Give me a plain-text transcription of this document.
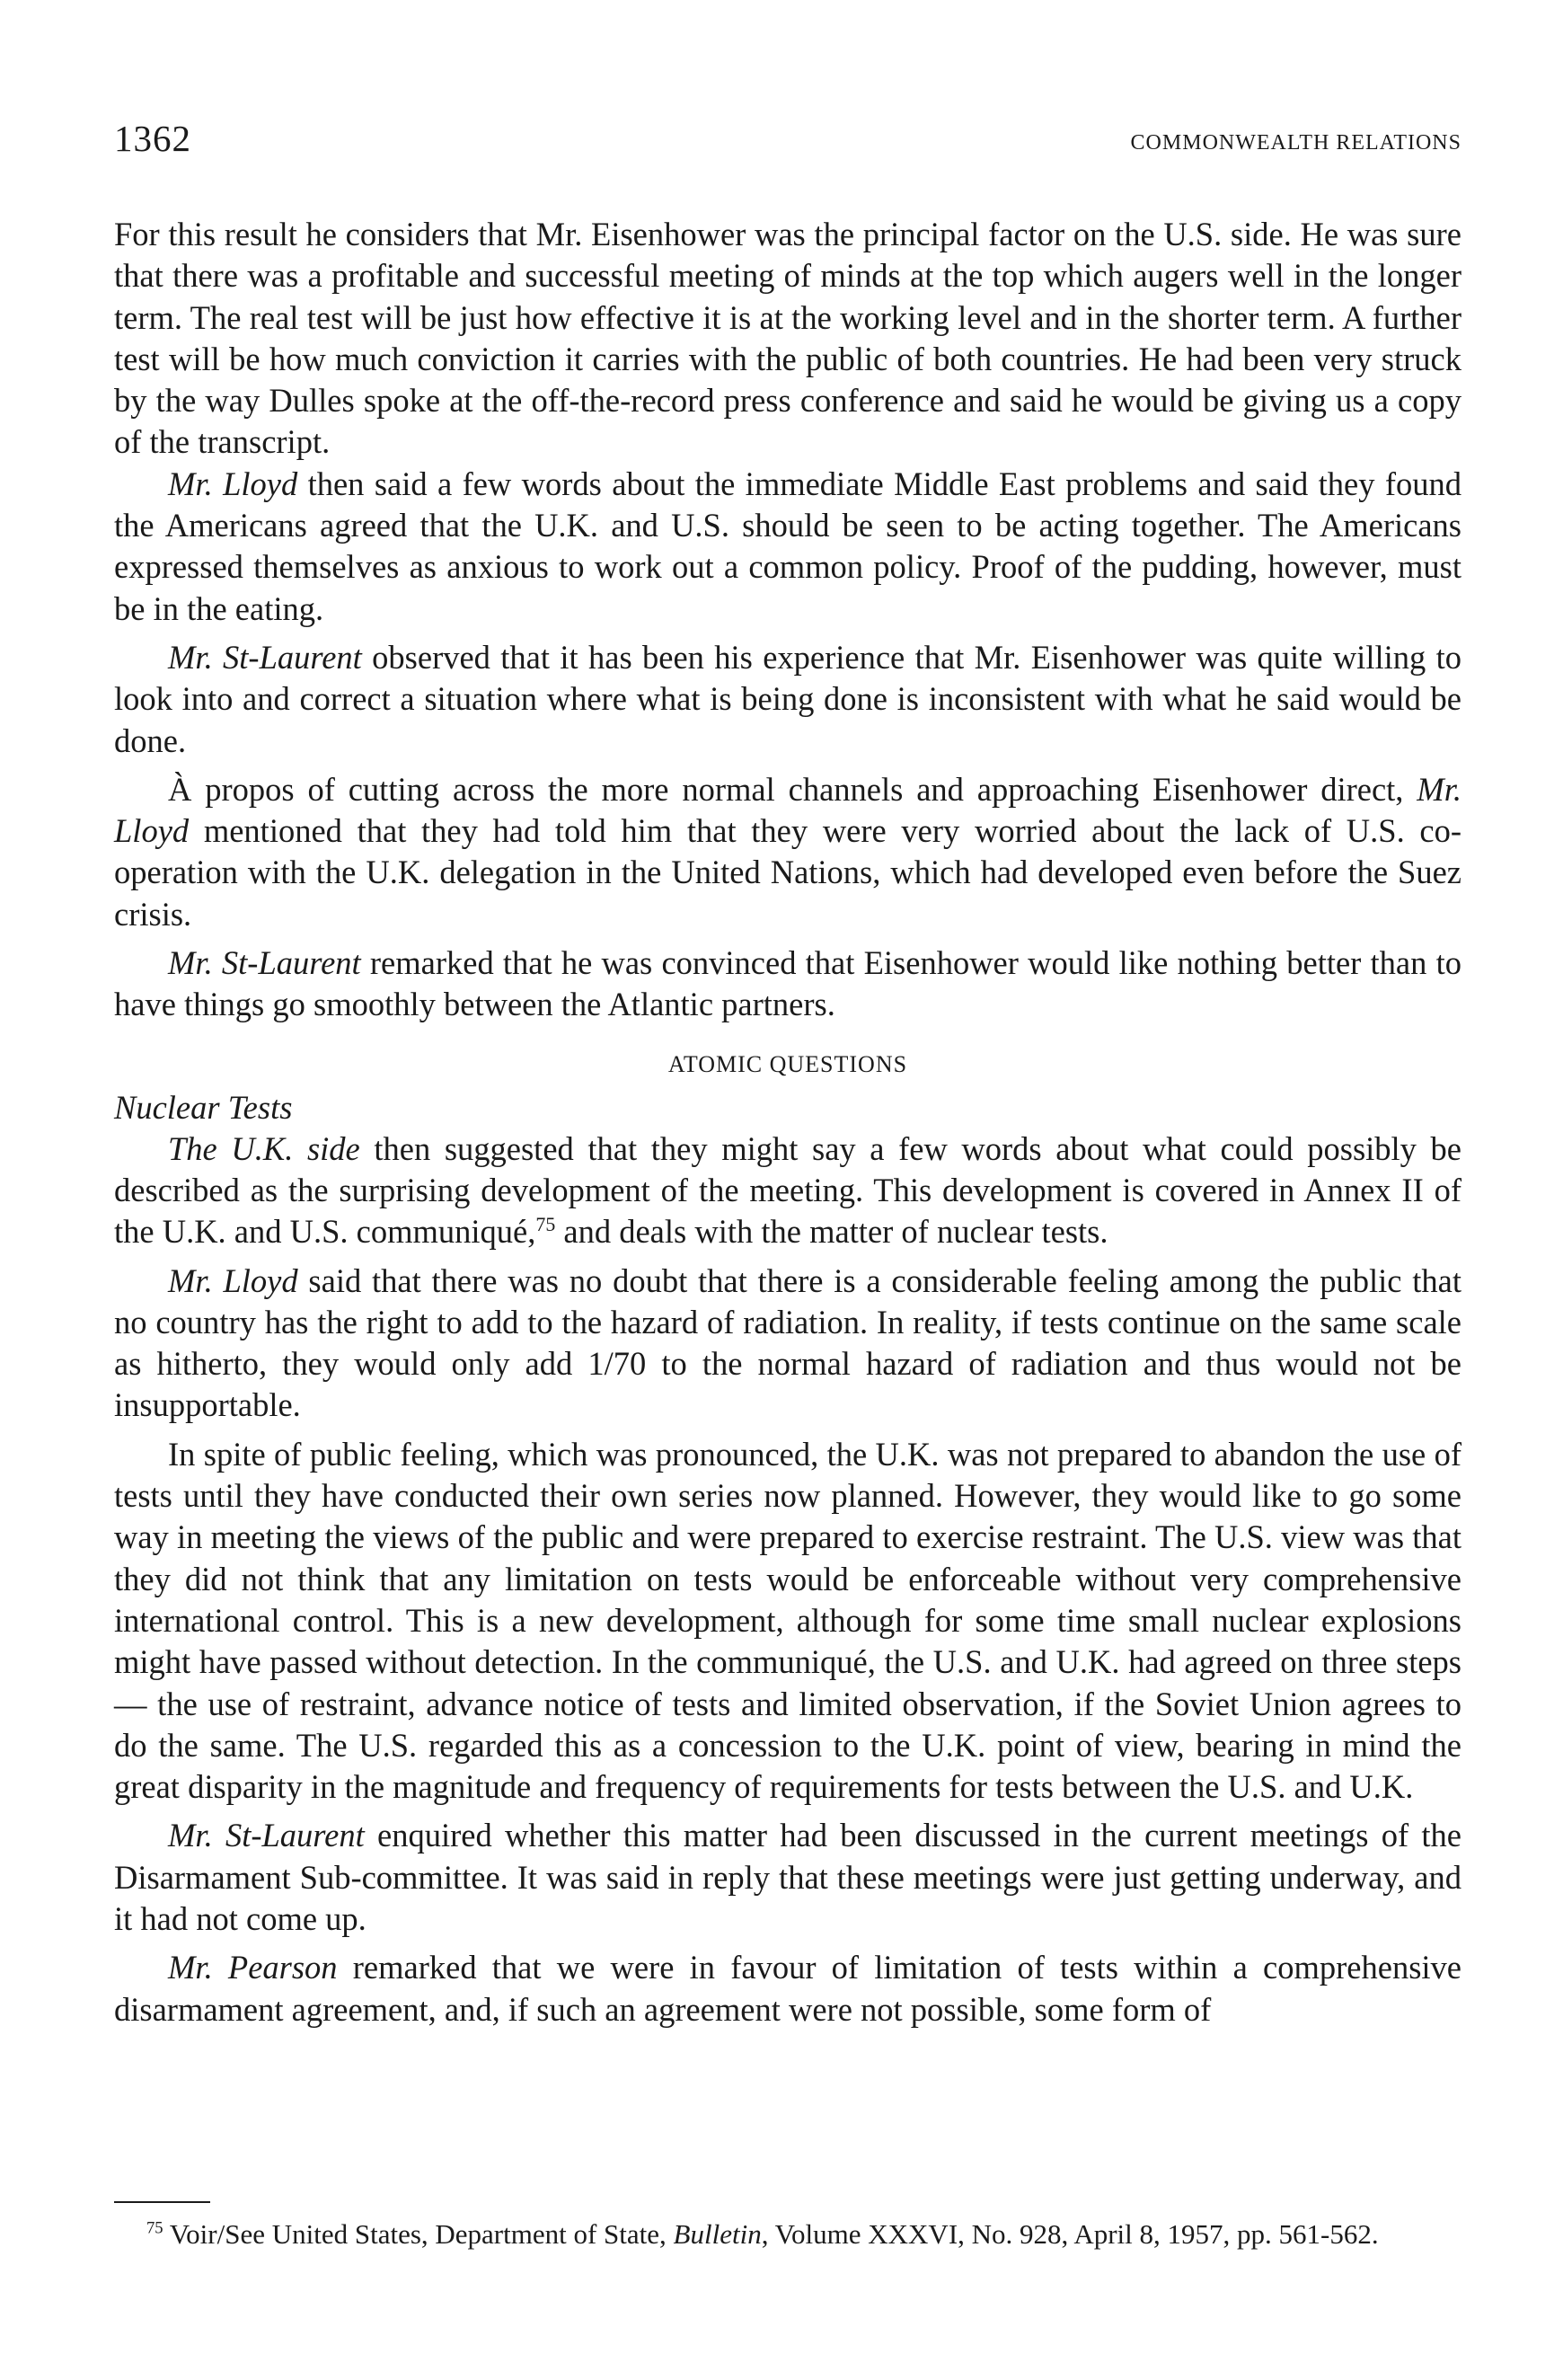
1362	COMMONWEALTH RELATIONS

For this result he considers that Mr. Eisenhower was the principal factor on the U.S. side. He was sure that there was a profitable and successful meeting of minds at the top which augers well in the longer term. The real test will be just how effective it is at the working level and in the shorter term. A further test will be how much conviction it carries with the public of both countries. He had been very struck by the way Dulles spoke at the off-the-record press conference and said he would be giving us a copy of the transcript.

Mr. Lloyd then said a few words about the immediate Middle East problems and said they found the Americans agreed that the U.K. and U.S. should be seen to be acting together. The Americans expressed themselves as anxious to work out a common policy. Proof of the pudding, however, must be in the eating.

Mr. St-Laurent observed that it has been his experience that Mr. Eisenhower was quite willing to look into and correct a situation where what is being done is inconsistent with what he said would be done.

À propos of cutting across the more normal channels and approaching Eisenhower direct, Mr. Lloyd mentioned that they had told him that they were very worried about the lack of U.S. co-operation with the U.K. delegation in the United Nations, which had developed even before the Suez crisis.

Mr. St-Laurent remarked that he was convinced that Eisenhower would like nothing better than to have things go smoothly between the Atlantic partners.

ATOMIC QUESTIONS
Nuclear Tests

The U.K. side then suggested that they might say a few words about what could possibly be described as the surprising development of the meeting. This development is covered in Annex II of the U.K. and U.S. communiqué,$^{75}$ and deals with the matter of nuclear tests.

Mr. Lloyd said that there was no doubt that there is a considerable feeling among the public that no country has the right to add to the hazard of radiation. In reality, if tests continue on the same scale as hitherto, they would only add 1/70 to the normal hazard of radiation and thus would not be insupportable.

In spite of public feeling, which was pronounced, the U.K. was not prepared to abandon the use of tests until they have conducted their own series now planned. However, they would like to go some way in meeting the views of the public and were prepared to exercise restraint. The U.S. view was that they did not think that any limitation on tests would be enforceable without very comprehensive international control. This is a new development, although for some time small nuclear explosions might have passed without detection. In the communiqué, the U.S. and U.K. had agreed on three steps — the use of restraint, advance notice of tests and limited observation, if the Soviet Union agrees to do the same. The U.S. regarded this as a concession to the U.K. point of view, bearing in mind the great disparity in the magnitude and frequency of requirements for tests between the U.S. and U.K.

Mr. St-Laurent enquired whether this matter had been discussed in the current meetings of the Disarmament Sub-committee. It was said in reply that these meetings were just getting underway, and it had not come up.

Mr. Pearson remarked that we were in favour of limitation of tests within a comprehensive disarmament agreement, and, if such an agreement were not possible, some form of

$^{75}$ Voir/See United States, Department of State, Bulletin, Volume XXXVI, No. 928, April 8, 1957, pp. 561-562.
